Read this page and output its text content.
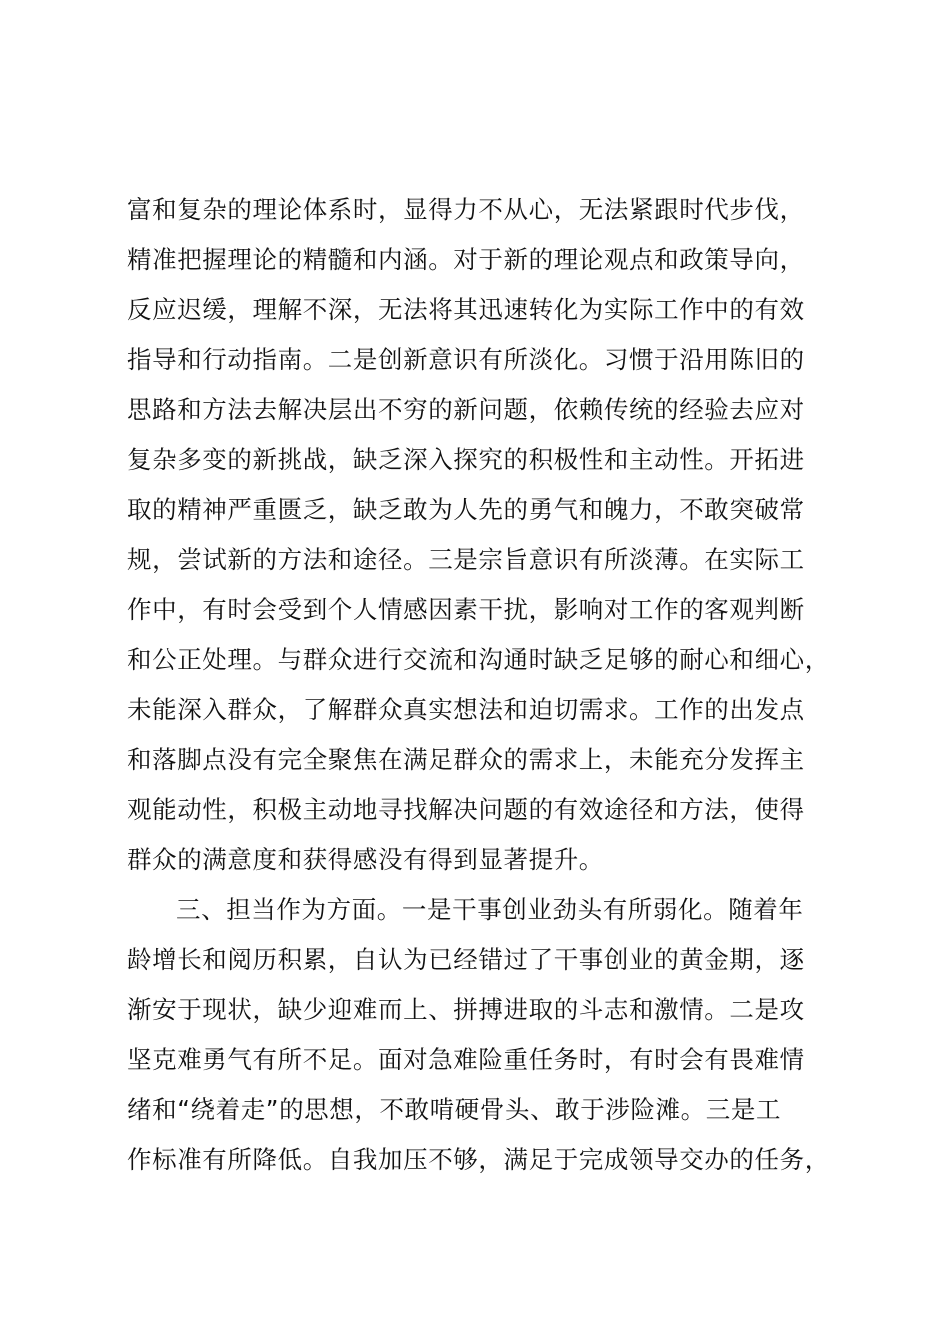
富和复杂的理论体系时，显得力不从心，无法紧跟时代步伐，
精准把握理论的精髓和内涵。对于新的理论观点和政策导向，
反应迟缓，理解不深，无法将其迅速转化为实际工作中的有效
指导和行动指南。二是创新意识有所淡化。习惯于沿用陈旧的
思路和方法去解决层出不穷的新问题，依赖传统的经验去应对
复杂多变的新挑战，缺乏深入探究的积极性和主动性。开拓进
取的精神严重匮乏，缺乏敢为人先的勇气和魄力，不敢突破常
规，尝试新的方法和途径。三是宗旨意识有所淡薄。在实际工
作中，有时会受到个人情感因素干扰，影响对工作的客观判断
和公正处理。与群众进行交流和沟通时缺乏足够的耐心和细心，
未能深入群众，了解群众真实想法和迫切需求。工作的出发点
和落脚点没有完全聚焦在满足群众的需求上，未能充分发挥主
观能动性，积极主动地寻找解决问题的有效途径和方法，使得
群众的满意度和获得感没有得到显著提升。
三、担当作为方面。一是干事创业劲头有所弱化。随着年
龄增长和阅历积累，自认为已经错过了干事创业的黄金期，逐
渐安于现状，缺少迎难而上、拼搏进取的斗志和激情。二是攻
坚克难勇气有所不足。面对急难险重任务时，有时会有畏难情
绪和“绕着走”的思想，不敢啃硬骨头、敢于涉险滩。三是工
作标准有所降低。自我加压不够，满足于完成领导交办的任务，
